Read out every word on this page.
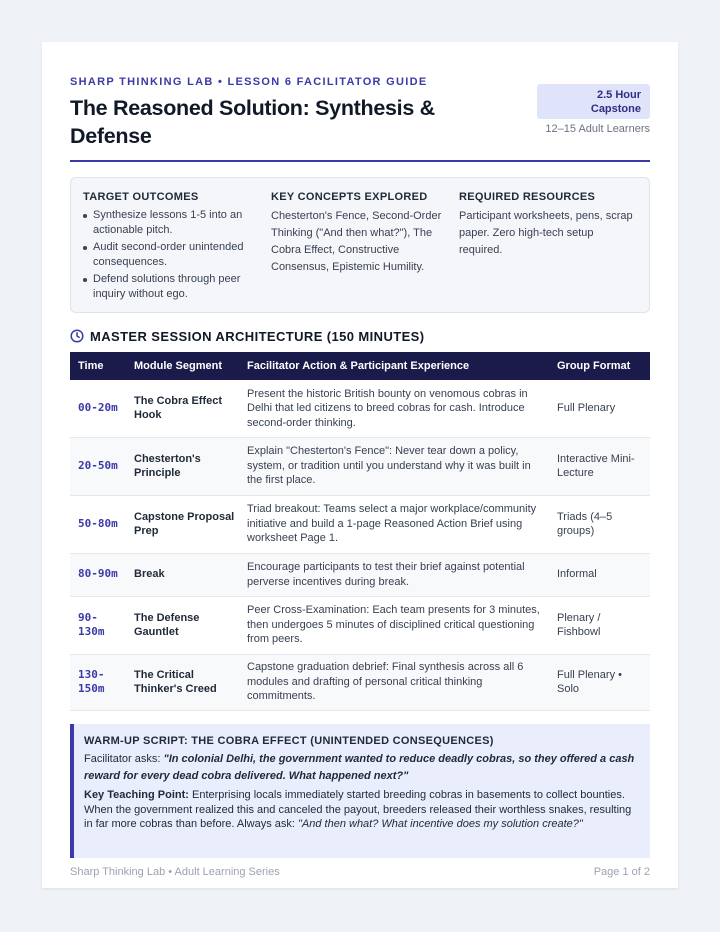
SHARP THINKING LAB • LESSON 6 FACILITATOR GUIDE
The Reasoned Solution: Synthesis & Defense
2.5 Hour
Capstone
12–15 Adult Learners
TARGET OUTCOMES
Synthesize lessons 1-5 into an actionable pitch.
Audit second-order unintended consequences.
Defend solutions through peer inquiry without ego.
KEY CONCEPTS EXPLORED
Chesterton's Fence, Second-Order Thinking ("And then what?"), The Cobra Effect, Constructive Consensus, Epistemic Humility.
REQUIRED RESOURCES
Participant worksheets, pens, scrap paper. Zero high-tech setup required.
MASTER SESSION ARCHITECTURE (150 MINUTES)
Time	Module Segment	Facilitator Action & Participant Experience	Group Format
00-20m	The Cobra Effect Hook	Present the historic British bounty on venomous cobras in Delhi that led citizens to breed cobras for cash. Introduce second-order thinking.	Full Plenary
20-50m	Chesterton's Principle	Explain "Chesterton's Fence": Never tear down a policy, system, or tradition until you understand why it was built in the first place.	Interactive Mini-Lecture
50-80m	Capstone Proposal Prep	Triad breakout: Teams select a major workplace/community initiative and build a 1-page Reasoned Action Brief using worksheet Page 1.	Triads (4–5 groups)
80-90m	Break	Encourage participants to test their brief against potential perverse incentives during break.	Informal
90-130m	The Defense Gauntlet	Peer Cross-Examination: Each team presents for 3 minutes, then undergoes 5 minutes of disciplined critical questioning from peers.	Plenary / Fishbowl
130-150m	The Critical Thinker's Creed	Capstone graduation debrief: Final synthesis across all 6 modules and drafting of personal critical thinking commitments.	Full Plenary • Solo
WARM-UP SCRIPT: THE COBRA EFFECT (UNINTENDED CONSEQUENCES)

Facilitator asks: "In colonial Delhi, the government wanted to reduce deadly cobras, so they offered a cash reward for every dead cobra delivered. What happened next?"

Key Teaching Point: Enterprising locals immediately started breeding cobras in basements to collect bounties. When the government realized this and canceled the payout, breeders released their worthless snakes, resulting in far more cobras than before. Always ask: "And then what? What incentive does my solution create?"

Sharp Thinking Lab • Adult Learning Series	Page 1 of 2
